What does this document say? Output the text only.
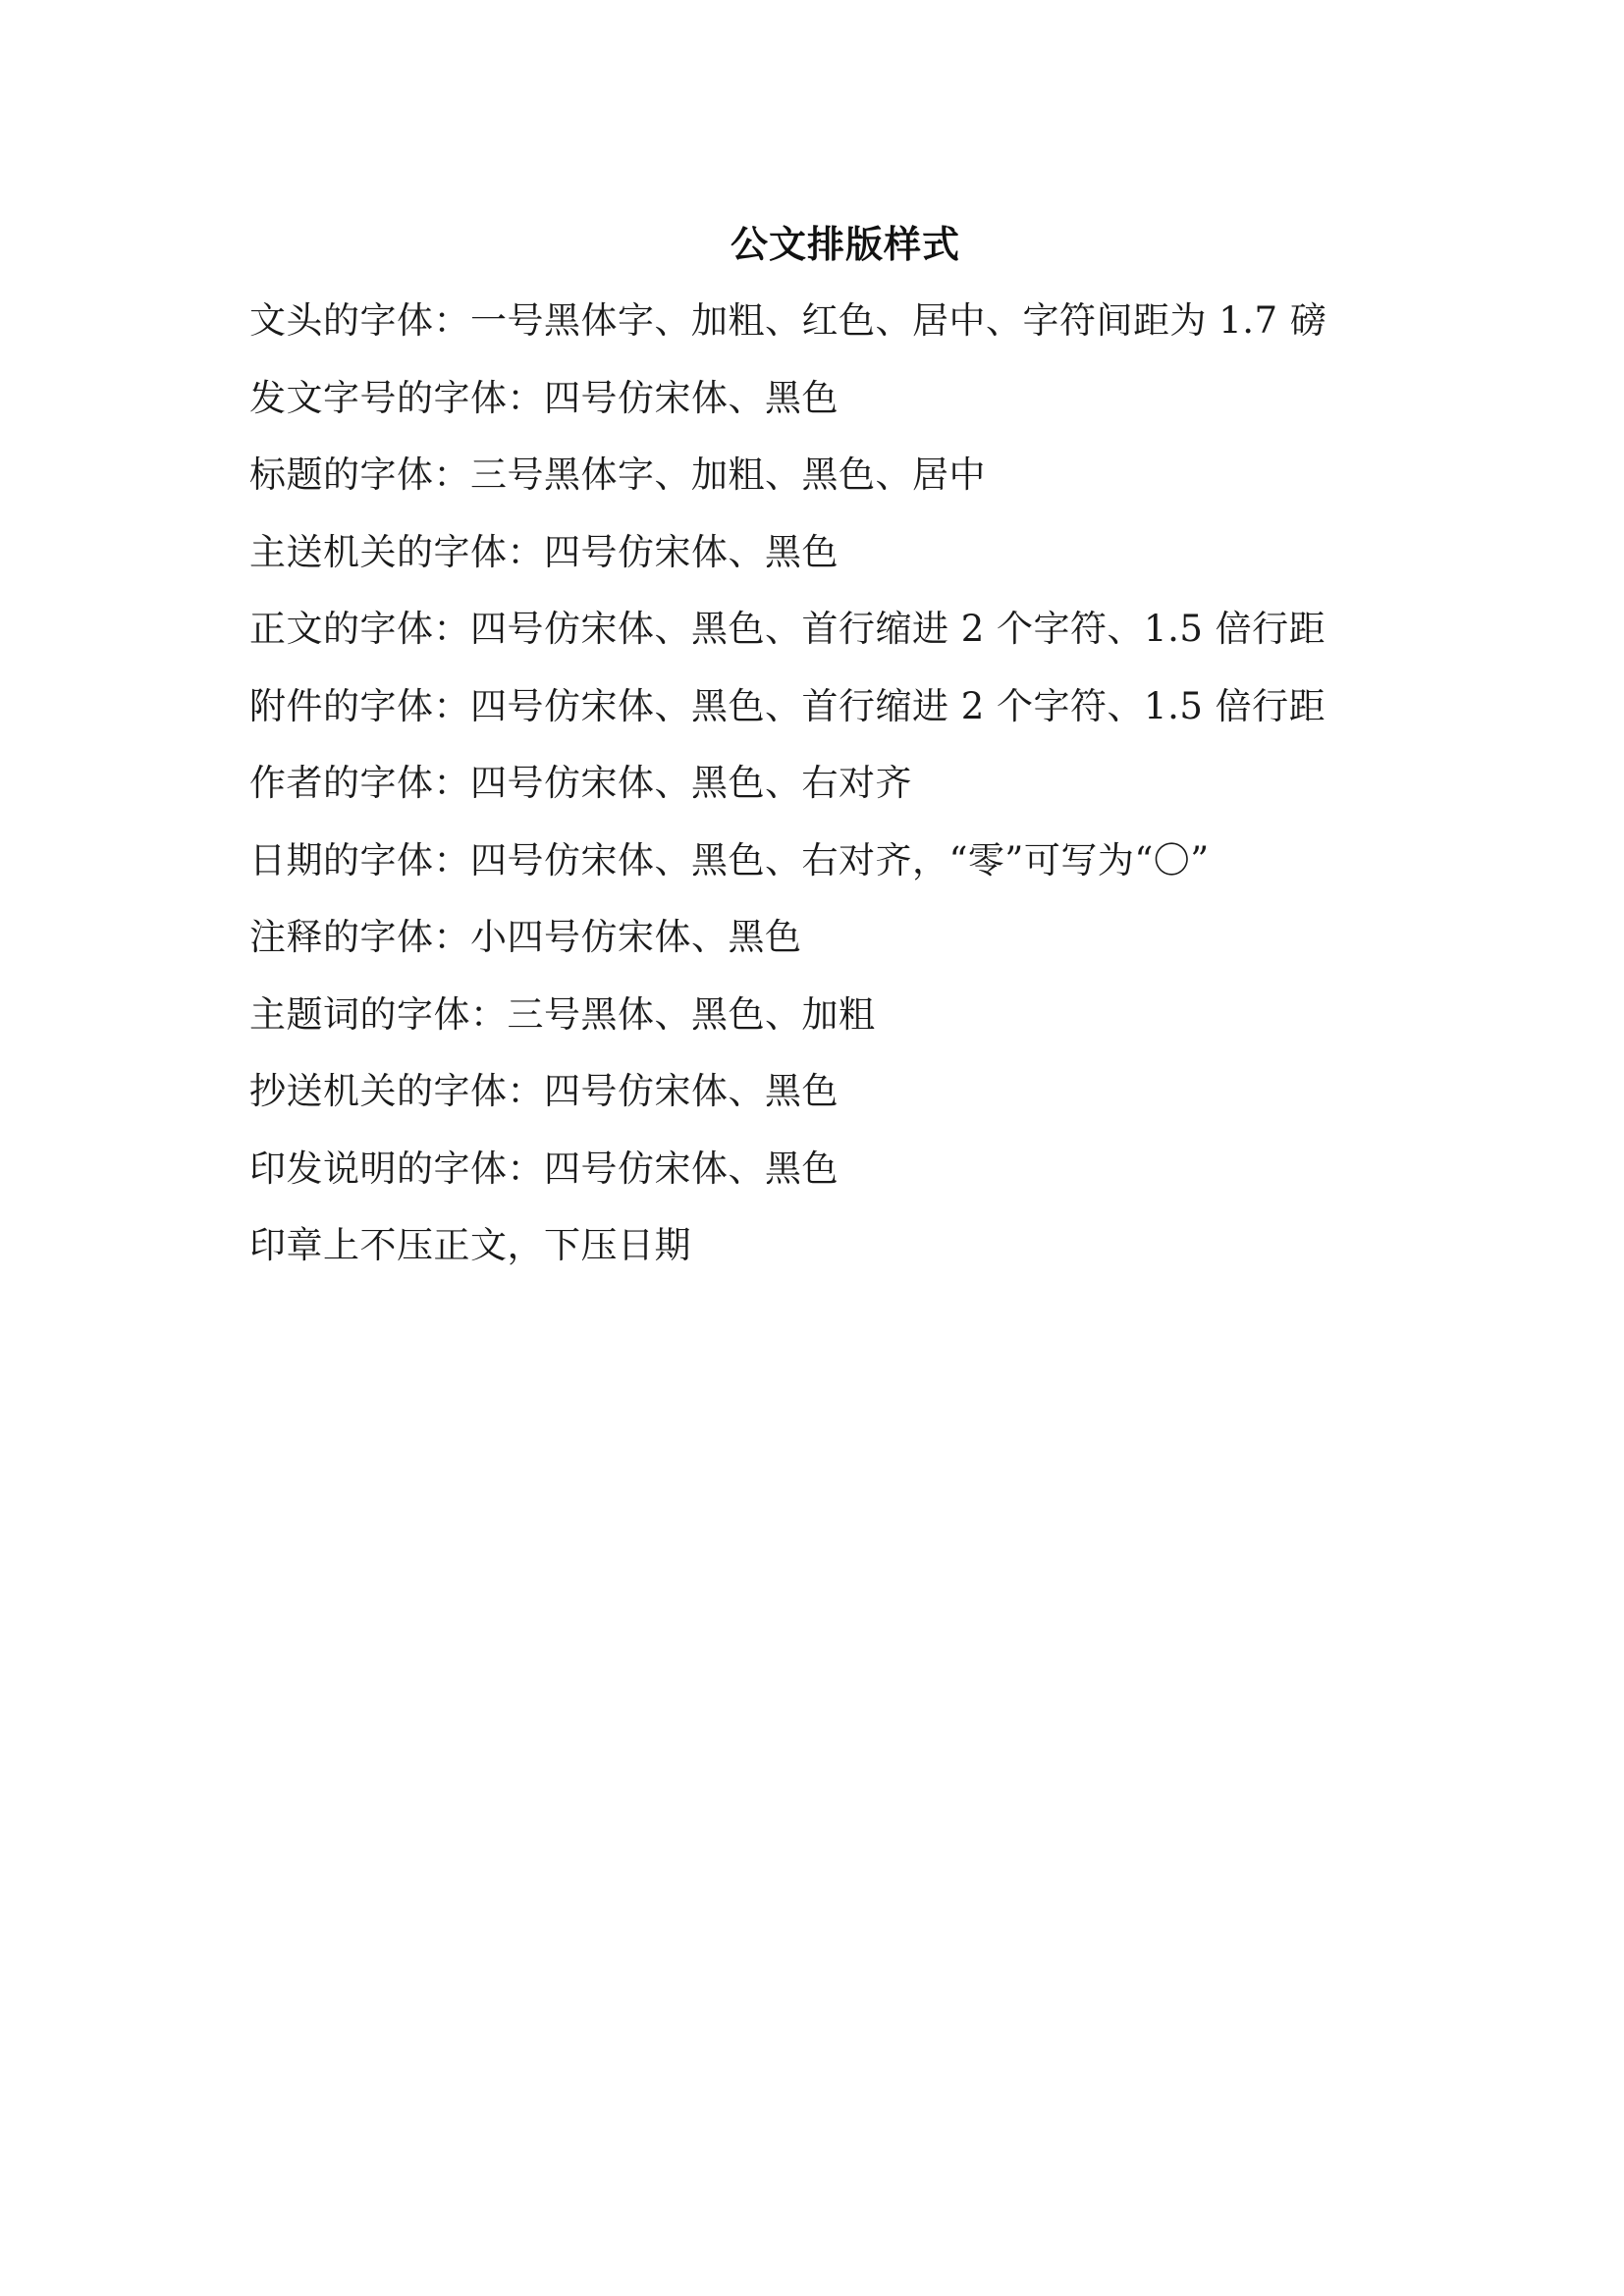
公文排版样式
文头的字体：一号黑体字、加粗、红色、居中、字符间距为 1.7 磅
发文字号的字体：四号仿宋体、黑色
标题的字体：三号黑体字、加粗、黑色、居中
主送机关的字体：四号仿宋体、黑色
正文的字体：四号仿宋体、黑色、首行缩进 2 个字符、1.5 倍行距
附件的字体：四号仿宋体、黑色、首行缩进 2 个字符、1.5 倍行距
作者的字体：四号仿宋体、黑色、右对齐
日期的字体：四号仿宋体、黑色、右对齐，“零”可写为“〇”
注释的字体：小四号仿宋体、黑色
主题词的字体：三号黑体、黑色、加粗
抄送机关的字体：四号仿宋体、黑色
印发说明的字体：四号仿宋体、黑色
印章上不压正文，下压日期
